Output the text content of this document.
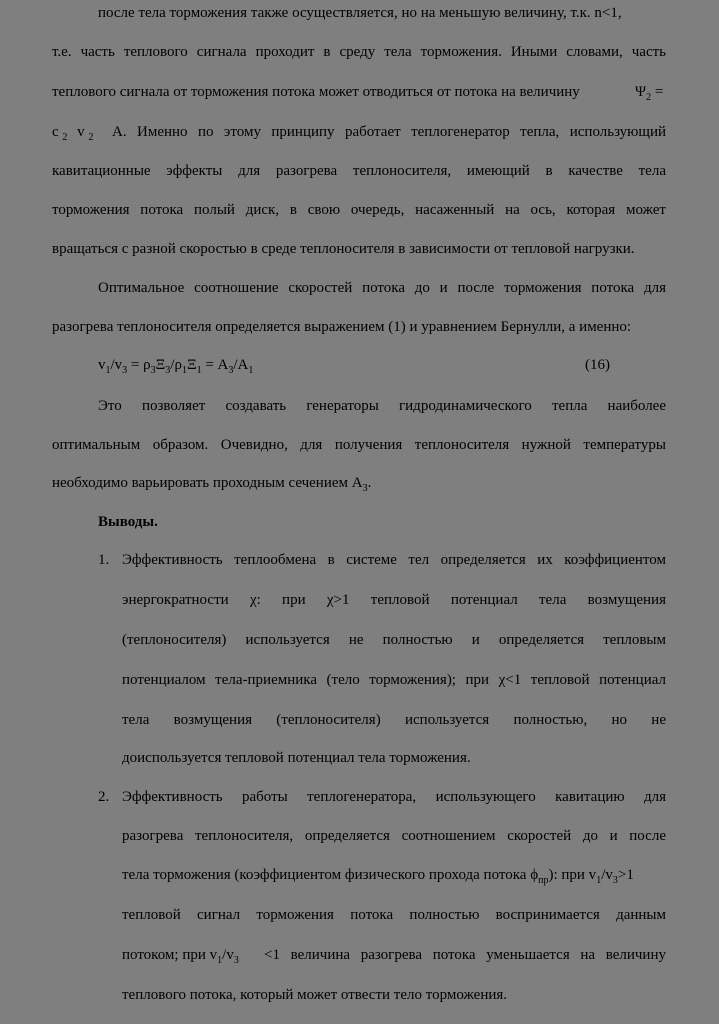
после тела торможения также осуществляется, но на меньшую величину, т.к. n<1,
т.е. часть теплового сигнала проходит в среду тела торможения. Иными словами, часть
теплового сигнала от торможения потока может отводиться от потока на величину	$\Psi_2$ =
c $_2$ v $_2$ A. Именно по этому принципу работает теплогенератор тепла, использующий
кавитационные эффекты для разогрева теплоносителя, имеющий в качестве тела
торможения потока полый диск, в свою очередь, насаженный на ось, которая может
вращаться с разной скоростью в среде теплоносителя в зависимости от тепловой нагрузки.
Оптимальное соотношение скоростей потока до и после торможения потока для
разогрева теплоносителя определяется выражением (1) и уравнением Бернулли, а именно:
$v_1/v_3 = \rho_3\Xi_3/\rho_1\Xi_1 = A_3/A_1$	(16)
Это позволяет создавать генераторы гидродинамического тепла наиболее
оптимальным образом. Очевидно, для получения теплоносителя нужной температуры
необходимо варьировать проходным сечением $A_3$.
Выводы.
1. Эффективность теплообмена в системе тел определяется их коэффициентом
энергократности χ: при χ>1 тепловой потенциал тела возмущения
(теплоносителя) используется не полностью и определяется тепловым
потенциалом тела-приемника (тело торможения); при χ<1 тепловой потенциал
тела возмущения (теплоносителя) используется полностью, но не
доиспользуется тепловой потенциал тела торможения.
2. Эффективность работы теплогенератора, использующего кавитацию для
разогрева теплоносителя, определяется соотношением скоростей до и после
тела торможения (коэффициентом физического прохода потока $\phi_{пр}$): при $v_1/v_3>1$
тепловой сигнал торможения потока полностью воспринимается данным
потоком; при $v_1/v_3 <1$ величина разогрева потока уменьшается на величину
теплового потока, который может отвести тело торможения.
